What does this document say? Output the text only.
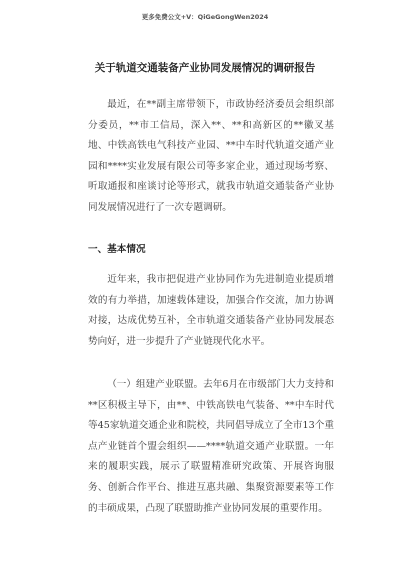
更多免费公文+V：QiGeGongWen2024
关于轨道交通装备产业协同发展情况的调研报告

最近，在**副主席带领下，市政协经济委员会组织部分委员，**市工信局，深入**、**和高新区的**徽叉基地、中铁高铁电气科技产业园、**中车时代轨道交通产业园和****实业发展有限公司等多家企业，通过现场考察、听取通报和座谈讨论等形式，就我市轨道交通装备产业协同发展情况进行了一次专题调研。

一、基本情况

近年来，我市把促进产业协同作为先进制造业提质增效的有力举措，加速载体建设，加强合作交流，加力协调对接，达成优势互补，全市轨道交通装备产业协同发展态势向好，进一步提升了产业链现代化水平。

（一）组建产业联盟。去年6月在市级部门大力支持和**区积极主导下，由**、中铁高铁电气装备、**中车时代等45家轨道交通企业和院校，共同倡导成立了全市13个重点产业链首个盟会组织——****轨道交通产业联盟。一年来的履职实践，展示了联盟精准研究政策、开展咨询服务、创新合作平台、推进互惠共融、集聚资源要素等工作的丰硕成果，凸现了联盟助推产业协同发展的重要作用。
